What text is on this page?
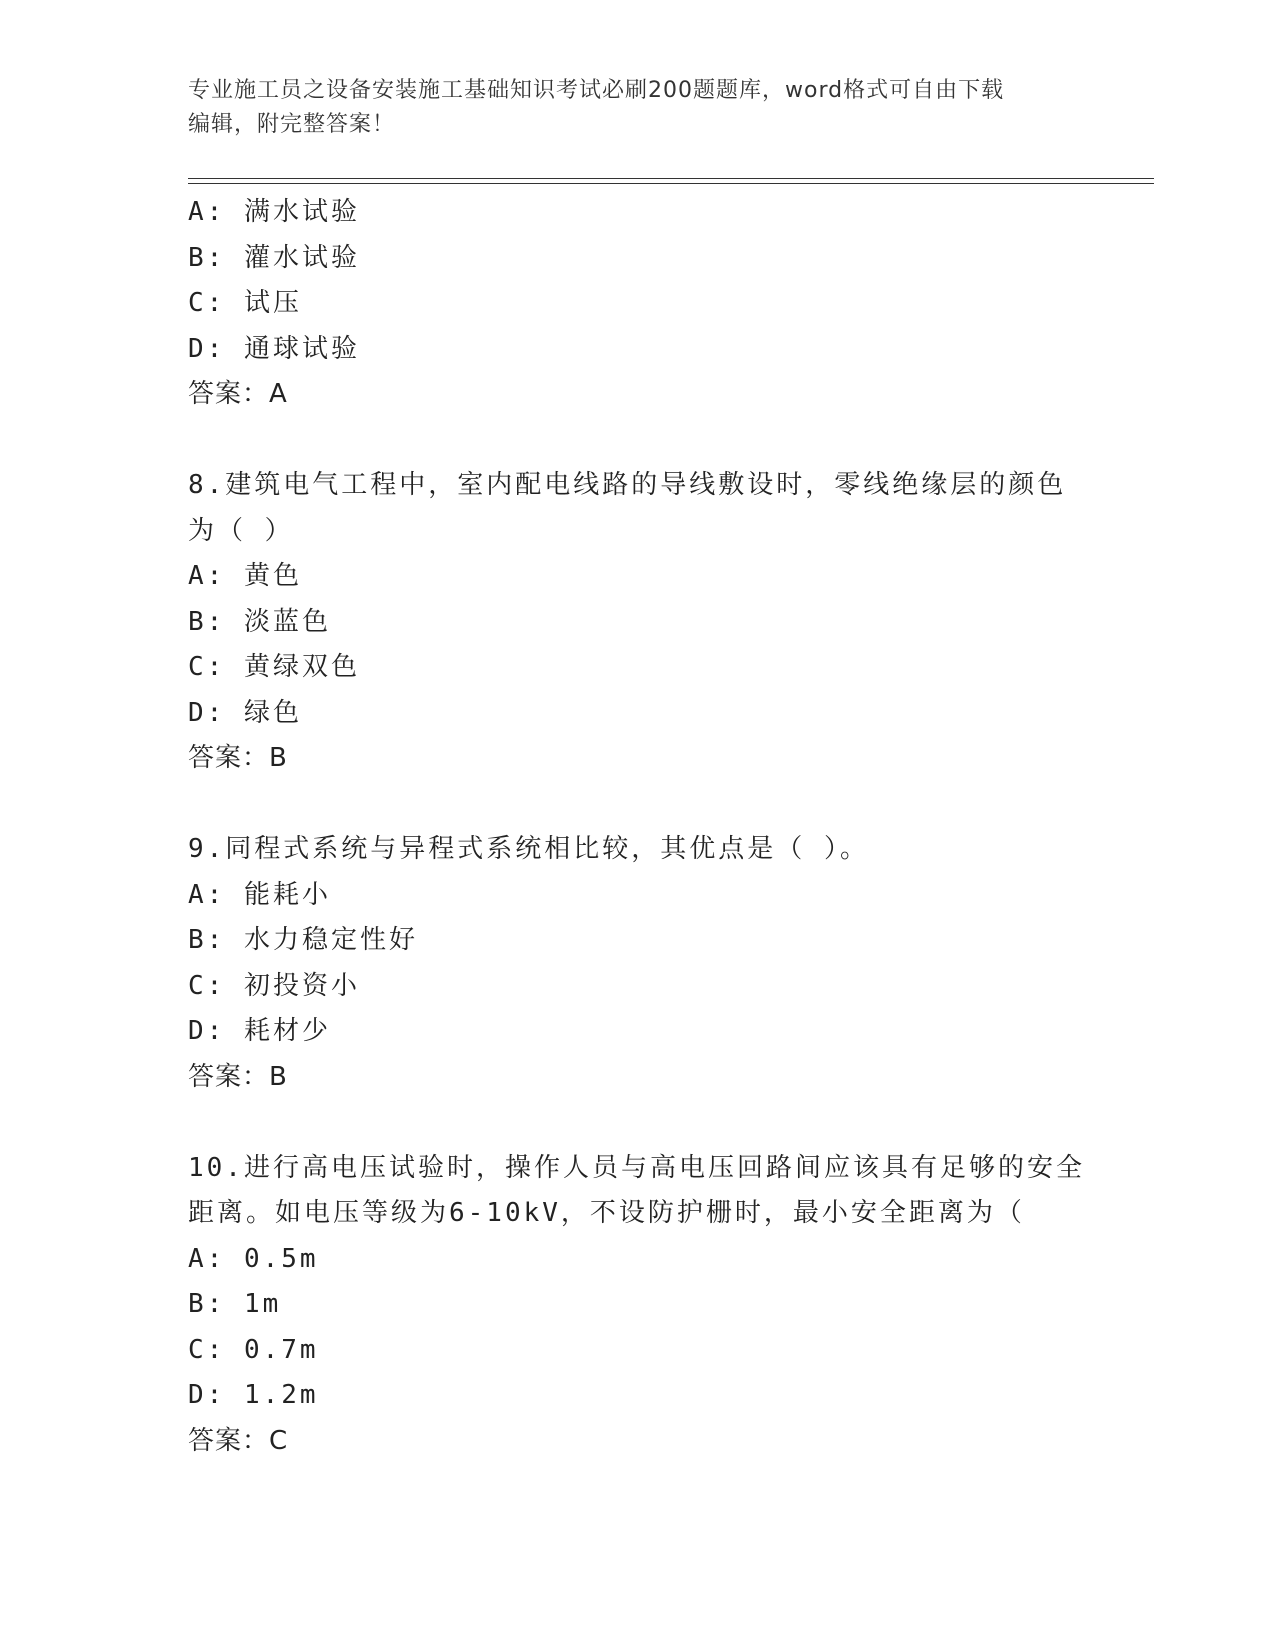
专业施工员之设备安装施工基础知识考试必刷200题题库，word格式可自由下载
编辑，附完整答案！
A: 满水试验
B: 灌水试验
C: 试压
D: 通球试验
答案：A
8.建筑电气工程中，室内配电线路的导线敷设时，零线绝缘层的颜色
为（ ）
A: 黄色
B: 淡蓝色
C: 黄绿双色
D: 绿色
答案：B
9.同程式系统与异程式系统相比较，其优点是（ ）。
A: 能耗小
B: 水力稳定性好
C: 初投资小
D: 耗材少
答案：B
10.进行高电压试验时，操作人员与高电压回路间应该具有足够的安全
距离。如电压等级为6-10kV，不设防护栅时，最小安全距离为（
A: 0.5m
B: 1m
C: 0.7m
D: 1.2m
答案：C
